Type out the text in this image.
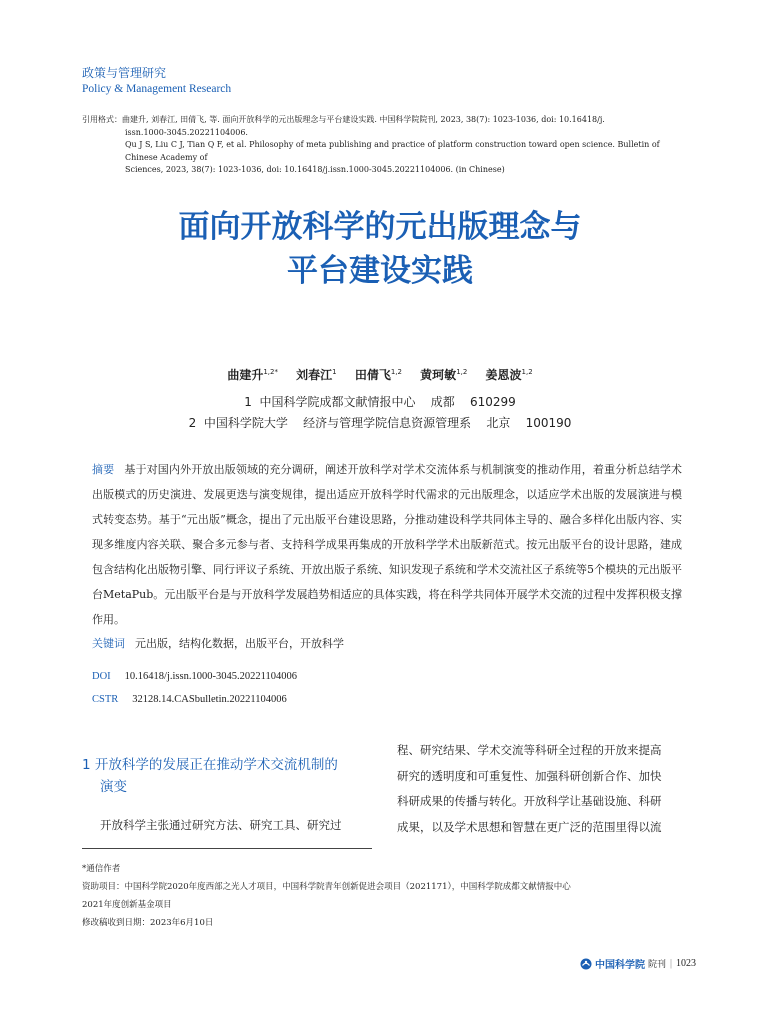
政策与管理研究
Policy & Management Research
引用格式：曲建升, 刘春江, 田倩飞, 等. 面向开放科学的元出版理念与平台建设实践. 中国科学院院刊, 2023, 38(7): 1023-1036, doi: 10.16418/j.
issn.1000-3045.20221104006.
Qu J S, Liu C J, Tian Q F, et al. Philosophy of meta publishing and practice of platform construction toward open science. Bulletin of Chinese Academy of
Sciences, 2023, 38(7): 1023-1036, doi: 10.16418/j.issn.1000-3045.20221104006. (in Chinese)
面向开放科学的元出版理念与
平台建设实践
曲建升$^{1,2*}$ 刘春江$^1$ 田倩飞$^{1,2}$ 黄珂敏$^{1,2}$ 姜恩波$^{1,2}$
1  中国科学院成都文献情报中心    成都    610299
2  中国科学院大学    经济与管理学院信息资源管理系    北京    100190
摘要 基于对国内外开放出版领域的充分调研，阐述开放科学对学术交流体系与机制演变的推动作用，着重分析总结学术出版模式的历史演进、发展更迭与演变规律，提出适应开放科学时代需求的元出版理念，以适应学术出版的发展演进与模式转变态势。基于“元出版”概念，提出了元出版平台建设思路，分推动建设科学共同体主导的、融合多样化出版内容、实现多维度内容关联、聚合多元参与者、支持科学成果再集成的开放科学学术出版新范式。按元出版平台的设计思路，建成包含结构化出版物引擎、同行评议子系统、开放出版子系统、知识发现子系统和学术交流社区子系统等5个模块的元出版平台MetaPub。元出版平台是与开放科学发展趋势相适应的具体实践，将在科学共同体开展学术交流的过程中发挥积极支撑作用。
关键词 元出版，结构化数据，出版平台，开放科学
DOI 10.16418/j.issn.1000-3045.20221104006
CSTR 32128.14.CASbulletin.20221104006
1 开放科学的发展正在推动学术交流机制的
演变
开放科学主张通过研究方法、研究工具、研究过
程、研究结果、学术交流等科研全过程的开放来提高
研究的透明度和可重复性、加强科研创新合作、加快
科研成果的传播与转化。开放科学让基础设施、科研
成果，以及学术思想和智慧在更广泛的范围里得以流
*通信作者
资助项目：中国科学院2020年度西部之光人才项目，中国科学院青年创新促进会项目（2021171），中国科学院成都文献情报中心
2021年度创新基金项目
修改稿收到日期：2023年6月10日
中国科学院 院刊 | 1023
